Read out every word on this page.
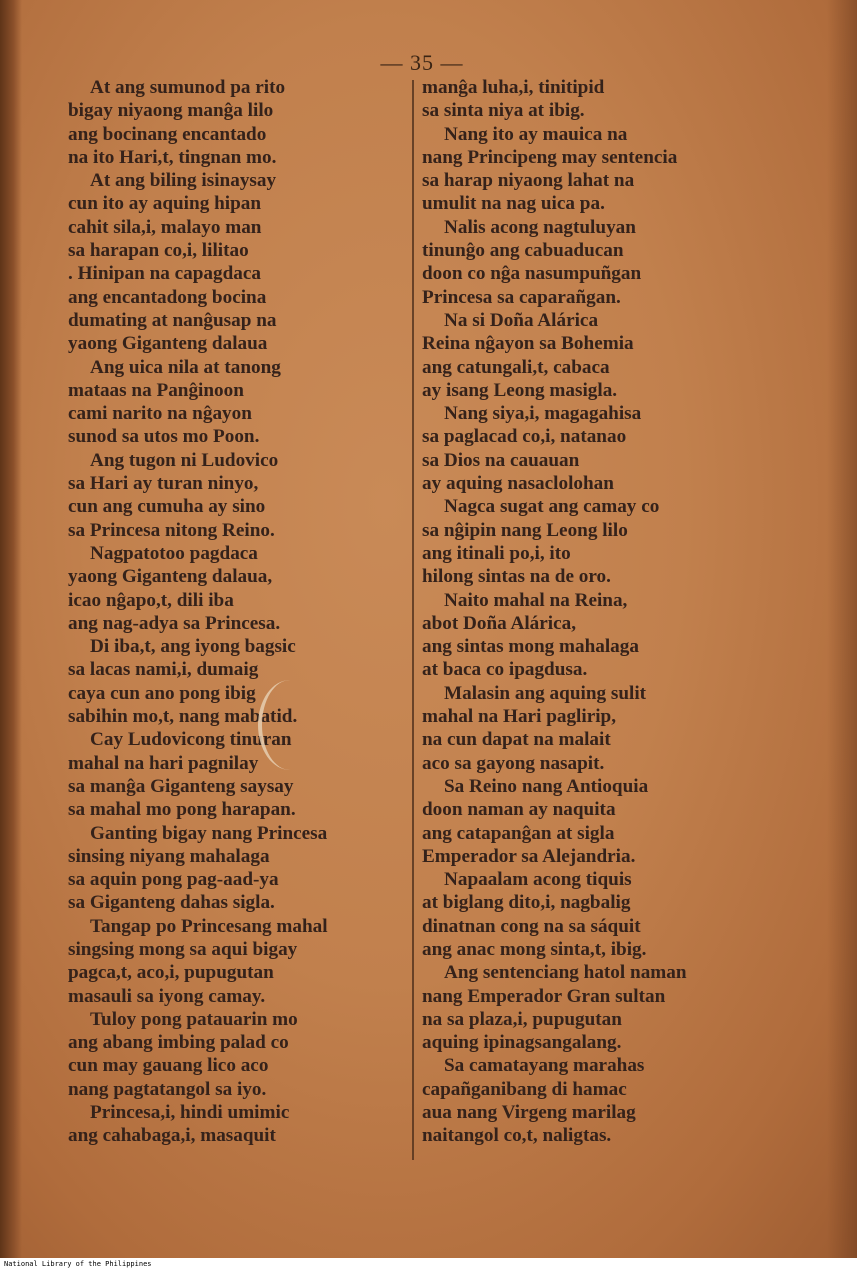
— 35 —
At ang sumunod pa rito
bigay niyaong manĝa lilo
ang bocinang encantado
na ito Hari,t, tingnan mo.
At ang biling isinaysay
cun ito ay aquing hipan
cahit sila,i, malayo man
sa harapan co,i, lilitao
. Hinipan na capagdaca
ang encantadong bocina
dumating at nanĝusap na
yaong Giganteng dalaua
Ang uica nila at tanong
mataas na Panĝinoon
cami narito na nĝayon
sunod sa utos mo Poon.
Ang tugon ni Ludovico
sa Hari ay turan ninyo,
cun ang cumuha ay sino
sa Princesa nitong Reino.
Nagpatotoo pagdaca
yaong Giganteng dalaua,
icao nĝapo,t, dili iba
ang nag-adya sa Princesa.
Di iba,t, ang iyong bagsic
sa lacas nami,i, dumaig
caya cun ano pong ibig
sabihin mo,t, nang mabatid.
Cay Ludovicong tinuran
mahal na hari pagnilay
sa manĝa Giganteng saysay
sa mahal mo pong harapan.
Ganting bigay nang Princesa
sinsing niyang mahalaga
sa aquin pong pag-aad-ya
sa Giganteng dahas sigla.
Tangap po Princesang mahal
singsing mong sa aqui bigay
pagca,t, aco,i, pupugutan
masauli sa iyong camay.
Tuloy pong patauarin mo
ang abang imbing palad co
cun may gauang lico aco
nang pagtatangol sa iyo.
Princesa,i, hindi umimic
ang cahabaga,i, masaquit
manĝa luha,i, tinitipid
sa sinta niya at ibig.
Nang ito ay mauica na
nang Principeng may sentencia
sa harap niyaong lahat na
umulit na nag uica pa.
Nalis acong nagtuluyan
tinunĝo ang cabuaducan
doon co nĝa nasumpuñgan
Princesa sa caparañgan.
Na si Doña Alárica
Reina nĝayon sa Bohemia
ang catungali,t, cabaca
ay isang Leong masigla.
Nang siya,i, magagahisa
sa paglacad co,i, natanao
sa Dios na cauauan
ay aquing nasaclolohan
Nagca sugat ang camay co
sa nĝipin nang Leong lilo
ang itinali po,i, ito
hilong sintas na de oro.
Naito mahal na Reina,
abot Doña Alárica,
ang sintas mong mahalaga
at baca co ipagdusa.
Malasin ang aquing sulit
mahal na Hari paglirip,
na cun dapat na malait
aco sa gayong nasapit.
Sa Reino nang Antioquia
doon naman ay naquita
ang catapanĝan at sigla
Emperador sa Alejandria.
Napaalam acong tiquis
at biglang dito,i, nagbalig
dinatnan cong na sa sáquit
ang anac mong sinta,t, ibig.
Ang sentenciang hatol naman
nang Emperador Gran sultan
na sa plaza,i, pupugutan
aquing ipinagsangalang.
Sa camatayang marahas
capañganibang di hamac
aua nang Virgeng marilag
naitangol co,t, naligtas.
National Library of the Philippines
